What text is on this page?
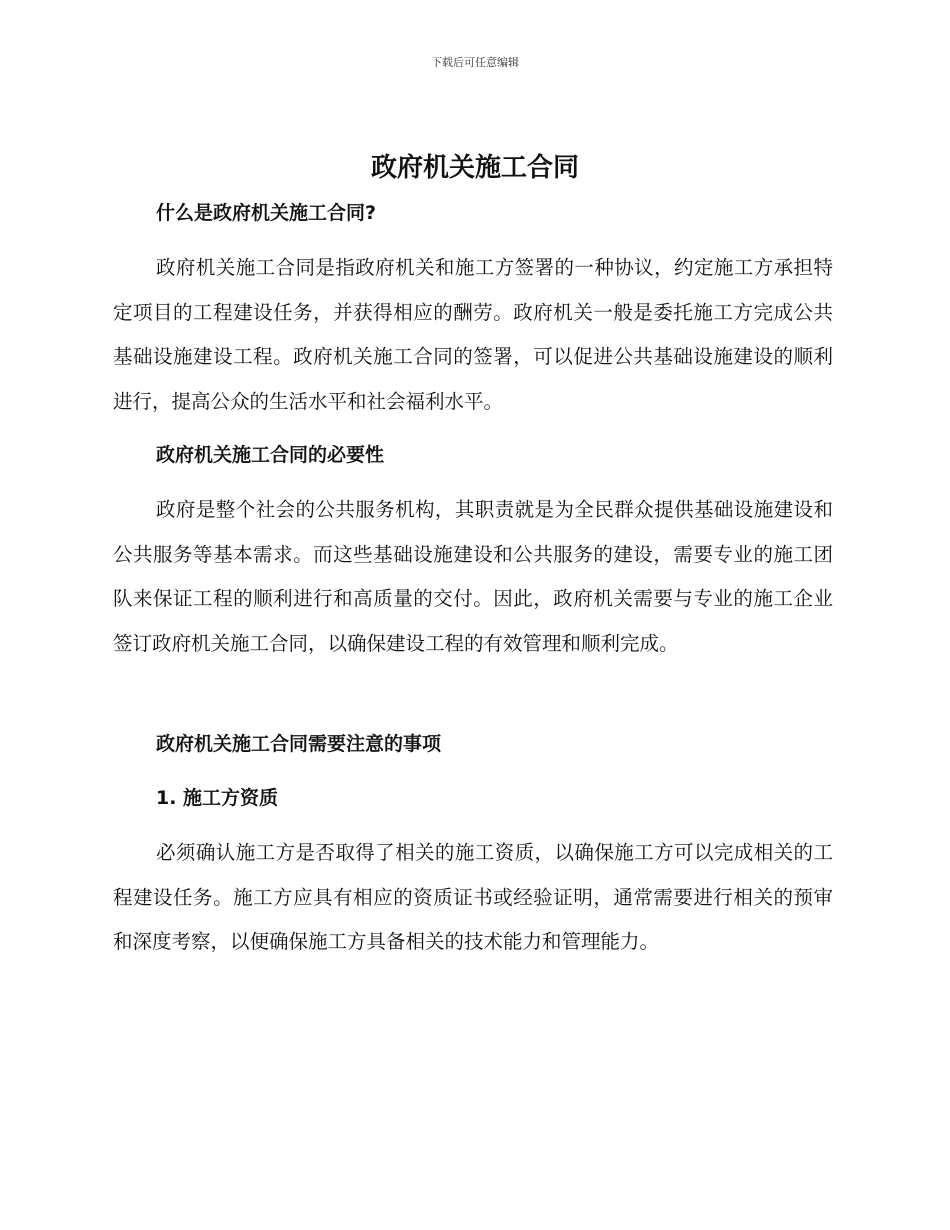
下载后可任意编辑
政府机关施工合同
什么是政府机关施工合同?

政府机关施工合同是指政府机关和施工方签署的一种协议，约定施工方承担特定项目的工程建设任务，并获得相应的酬劳。政府机关一般是委托施工方完成公共基础设施建设工程。政府机关施工合同的签署，可以促进公共基础设施建设的顺利进行，提高公众的生活水平和社会福利水平。

政府机关施工合同的必要性

政府是整个社会的公共服务机构，其职责就是为全民群众提供基础设施建设和公共服务等基本需求。而这些基础设施建设和公共服务的建设，需要专业的施工团队来保证工程的顺利进行和高质量的交付。因此，政府机关需要与专业的施工企业签订政府机关施工合同，以确保建设工程的有效管理和顺利完成。

政府机关施工合同需要注意的事项
1. 施工方资质

必须确认施工方是否取得了相关的施工资质，以确保施工方可以完成相关的工程建设任务。施工方应具有相应的资质证书或经验证明，通常需要进行相关的预审和深度考察，以便确保施工方具备相关的技术能力和管理能力。
